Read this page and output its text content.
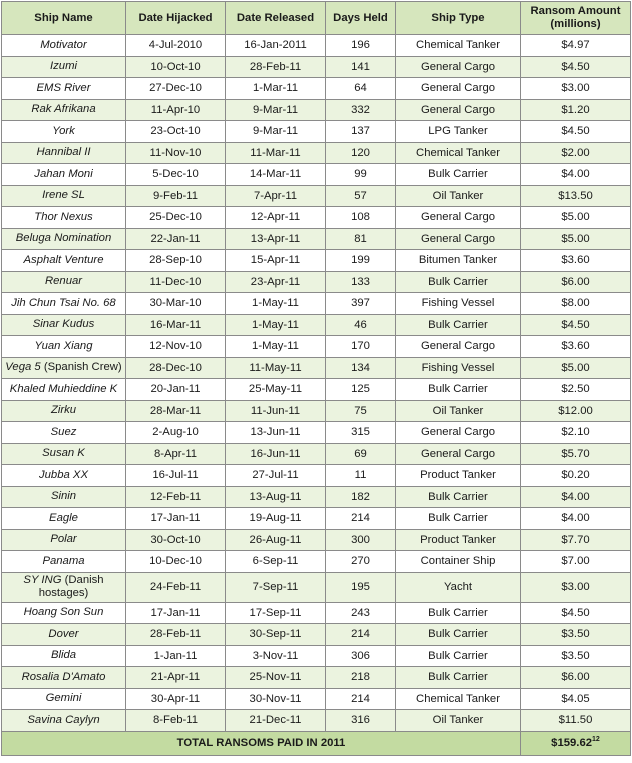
Ship Name	Date Hijacked	Date Released	Days Held	Ship Type	Ransom Amount (millions)
Motivator	4-Jul-2010	16-Jan-2011	196	Chemical Tanker	$4.97
Izumi	10-Oct-10	28-Feb-11	141	General Cargo	$4.50
EMS River	27-Dec-10	1-Mar-11	64	General Cargo	$3.00
Rak Afrikana	11-Apr-10	9-Mar-11	332	General Cargo	$1.20
York	23-Oct-10	9-Mar-11	137	LPG Tanker	$4.50
Hannibal II	11-Nov-10	11-Mar-11	120	Chemical Tanker	$2.00
Jahan Moni	5-Dec-10	14-Mar-11	99	Bulk Carrier	$4.00
Irene SL	9-Feb-11	7-Apr-11	57	Oil Tanker	$13.50
Thor Nexus	25-Dec-10	12-Apr-11	108	General Cargo	$5.00
Beluga Nomination	22-Jan-11	13-Apr-11	81	General Cargo	$5.00
Asphalt Venture	28-Sep-10	15-Apr-11	199	Bitumen Tanker	$3.60
Renuar	11-Dec-10	23-Apr-11	133	Bulk Carrier	$6.00
Jih Chun Tsai No. 68	30-Mar-10	1-May-11	397	Fishing Vessel	$8.00
Sinar Kudus	16-Mar-11	1-May-11	46	Bulk Carrier	$4.50
Yuan Xiang	12-Nov-10	1-May-11	170	General Cargo	$3.60
Vega 5 (Spanish Crew)	28-Dec-10	11-May-11	134	Fishing Vessel	$5.00
Khaled Muhieddine K	20-Jan-11	25-May-11	125	Bulk Carrier	$2.50
Zirku	28-Mar-11	11-Jun-11	75	Oil Tanker	$12.00
Suez	2-Aug-10	13-Jun-11	315	General Cargo	$2.10
Susan K	8-Apr-11	16-Jun-11	69	General Cargo	$5.70
Jubba XX	16-Jul-11	27-Jul-11	11	Product Tanker	$0.20
Sinin	12-Feb-11	13-Aug-11	182	Bulk Carrier	$4.00
Eagle	17-Jan-11	19-Aug-11	214	Bulk Carrier	$4.00
Polar	30-Oct-10	26-Aug-11	300	Product Tanker	$7.70
Panama	10-Dec-10	6-Sep-11	270	Container Ship	$7.00
SY ING (Danish hostages)	24-Feb-11	7-Sep-11	195	Yacht	$3.00
Hoang Son Sun	17-Jan-11	17-Sep-11	243	Bulk Carrier	$4.50
Dover	28-Feb-11	30-Sep-11	214	Bulk Carrier	$3.50
Blida	1-Jan-11	3-Nov-11	306	Bulk Carrier	$3.50
Rosalia D'Amato	21-Apr-11	25-Nov-11	218	Bulk Carrier	$6.00
Gemini	30-Apr-11	30-Nov-11	214	Chemical Tanker	$4.05
Savina Caylyn	8-Feb-11	21-Dec-11	316	Oil Tanker	$11.50
TOTAL RANSOMS PAID IN 2011					$159.62$^{12}$
